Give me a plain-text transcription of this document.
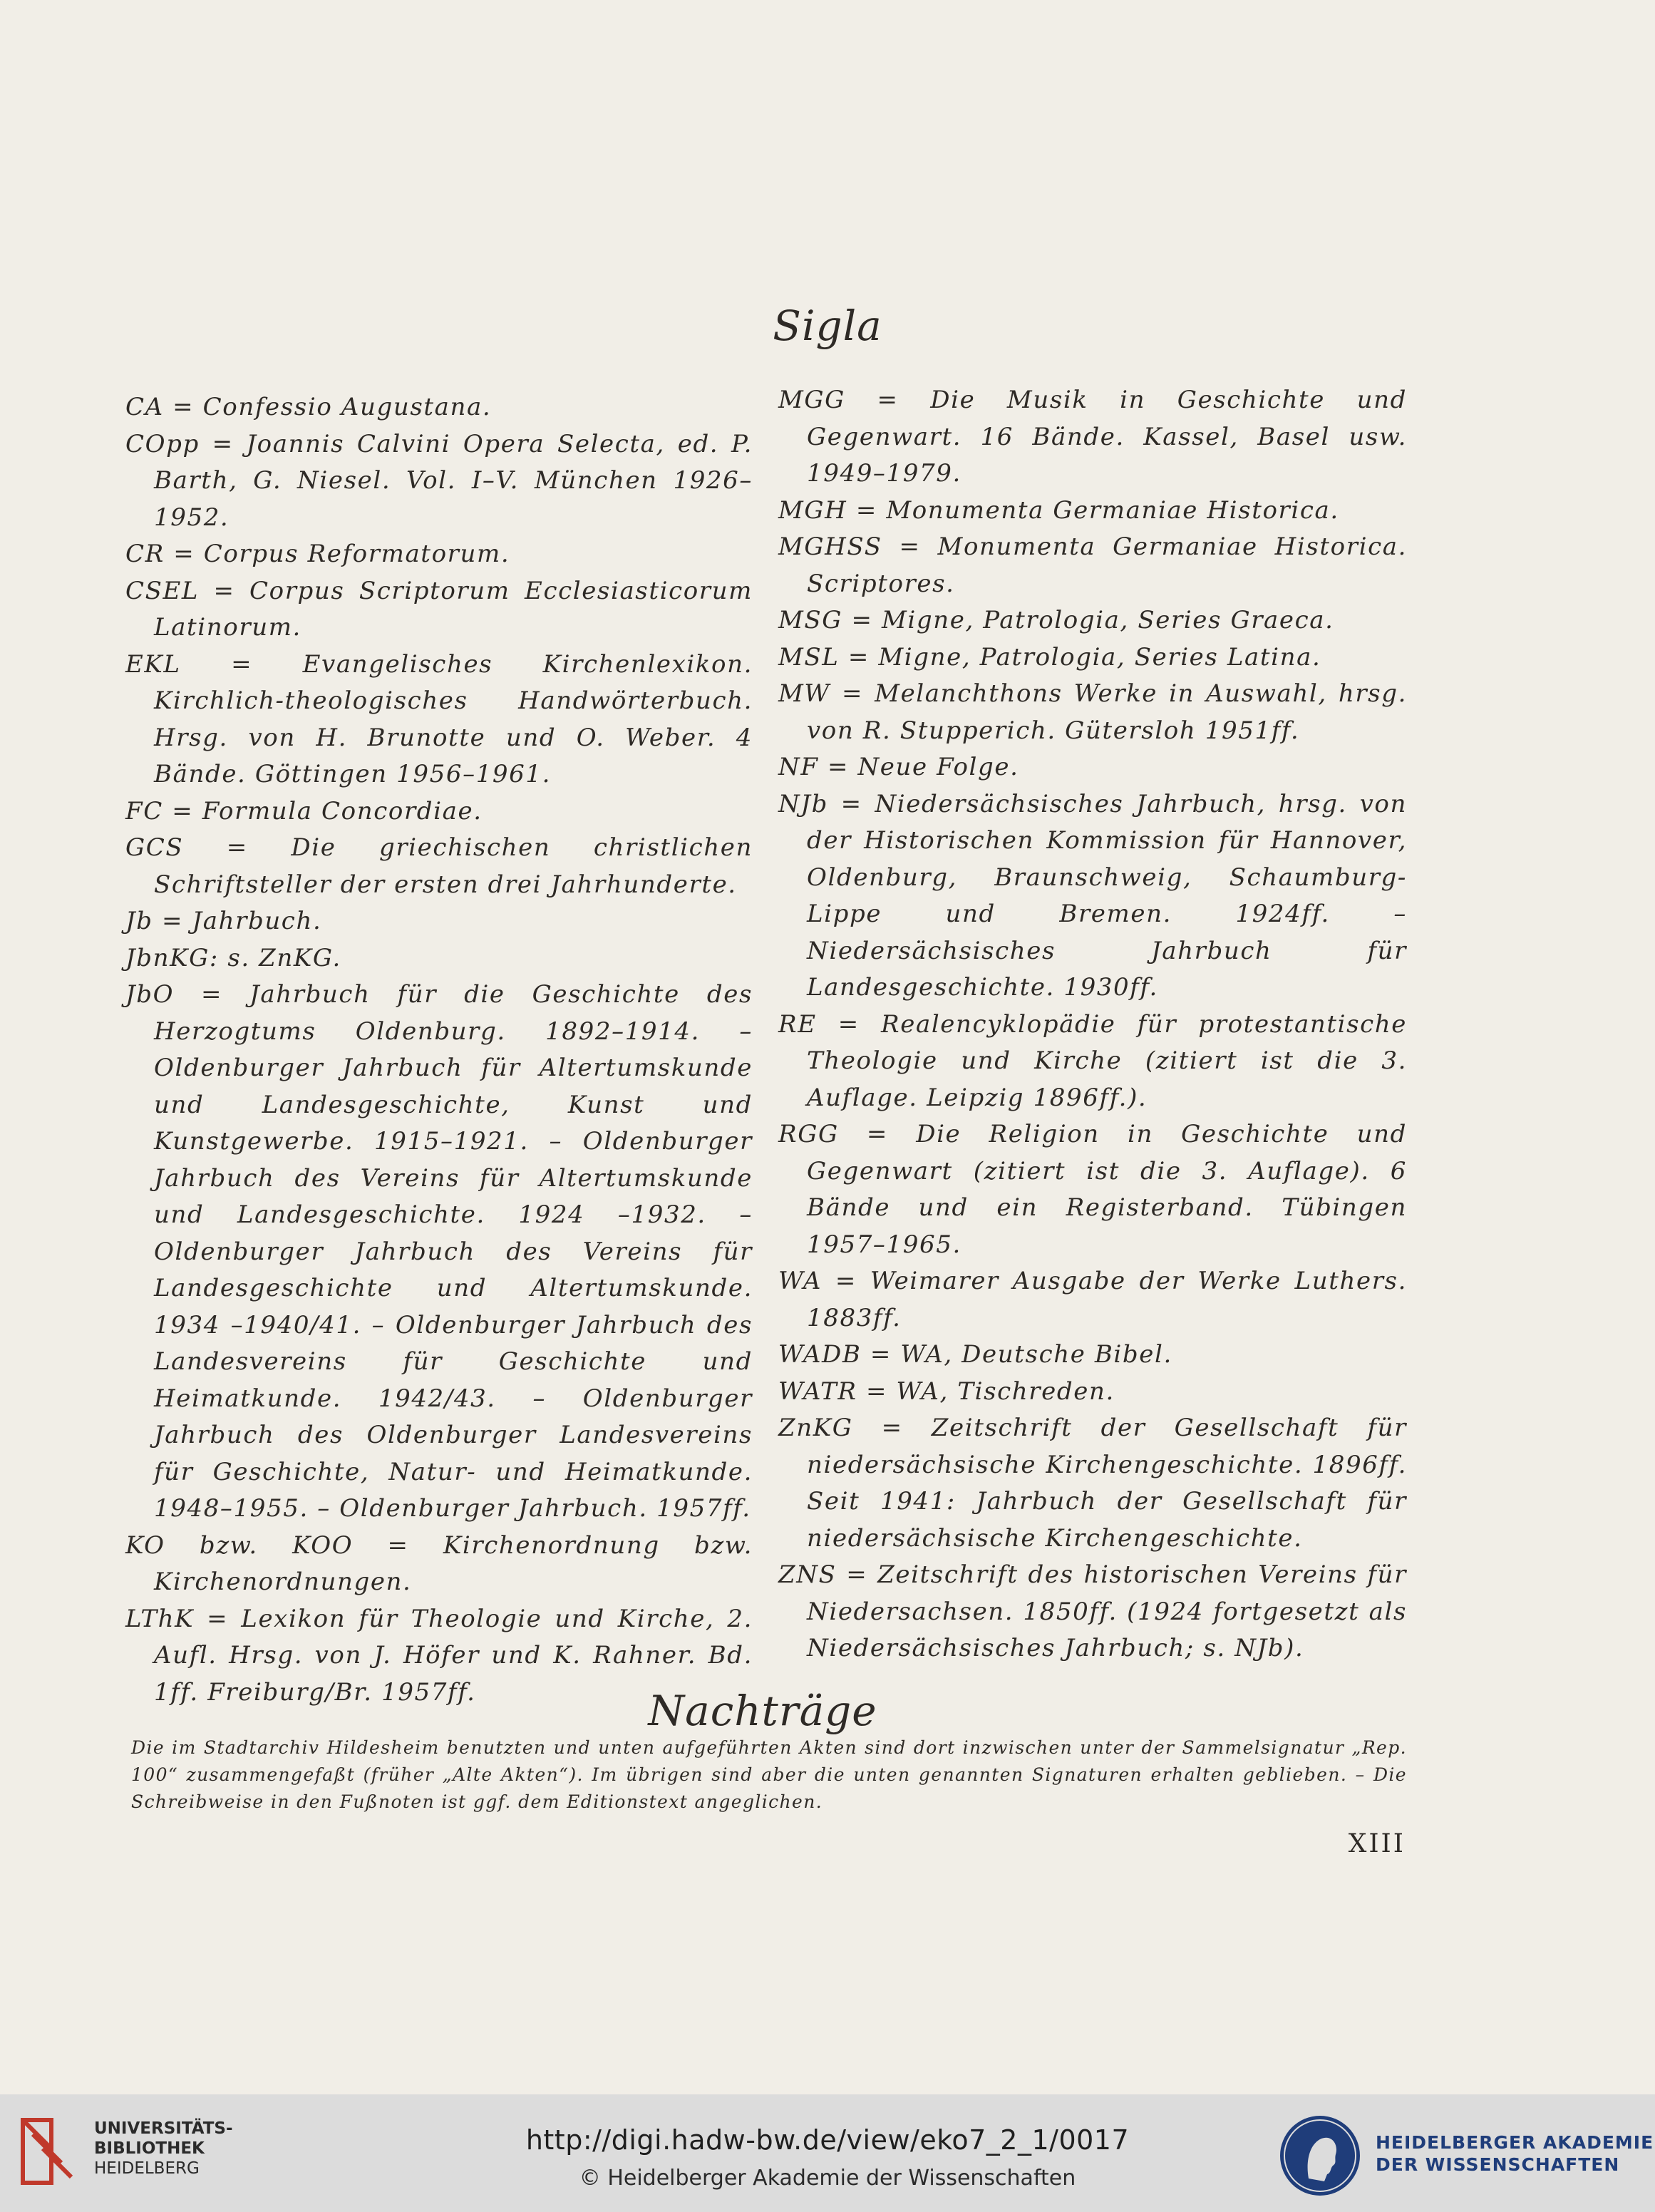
Sigla

CA = Confessio Augustana.

COpp = Joannis Calvini Opera Selecta, ed. P. Barth, G. Niesel. Vol. I–V. München 1926–1952.

CR = Corpus Reformatorum.

CSEL = Corpus Scriptorum Ecclesiasticorum Latinorum.

EKL = Evangelisches Kirchenlexikon. Kirchlich-theologisches Handwörterbuch. Hrsg. von H. Brunotte und O. Weber. 4 Bände. Göttingen 1956–1961.

FC = Formula Concordiae.

GCS = Die griechischen christlichen Schriftsteller der ersten drei Jahrhunderte.

Jb = Jahrbuch.

JbnKG: s. ZnKG.

JbO = Jahrbuch für die Geschichte des Herzogtums Oldenburg. 1892–1914. – Oldenburger Jahrbuch für Altertumskunde und Landesgeschichte, Kunst und Kunstgewerbe. 1915–1921. – Oldenburger Jahrbuch des Vereins für Altertumskunde und Landesgeschichte. 1924 –1932. – Oldenburger Jahrbuch des Vereins für Landesgeschichte und Altertumskunde. 1934 –1940/41. – Oldenburger Jahrbuch des Landesvereins für Geschichte und Heimatkunde. 1942/43. – Oldenburger Jahrbuch des Oldenburger Landesvereins für Geschichte, Natur- und Heimatkunde. 1948–1955. – Oldenburger Jahrbuch. 1957ff.

KO bzw. KOO = Kirchenordnung bzw. Kirchenordnungen.

LThK = Lexikon für Theologie und Kirche, 2. Aufl. Hrsg. von J. Höfer und K. Rahner. Bd. 1ff. Freiburg/Br. 1957ff.

MGG = Die Musik in Geschichte und Gegenwart. 16 Bände. Kassel, Basel usw. 1949–1979.

MGH = Monumenta Germaniae Historica.

MGHSS = Monumenta Germaniae Historica. Scriptores.

MSG = Migne, Patrologia, Series Graeca.

MSL = Migne, Patrologia, Series Latina.

MW = Melanchthons Werke in Auswahl, hrsg. von R. Stupperich. Gütersloh 1951ff.

NF = Neue Folge.

NJb = Niedersächsisches Jahrbuch, hrsg. von der Historischen Kommission für Hannover, Oldenburg, Braunschweig, Schaumburg-Lippe und Bremen. 1924ff. – Niedersächsisches Jahrbuch für Landesgeschichte. 1930ff.

RE = Realencyklopädie für protestantische Theologie und Kirche (zitiert ist die 3. Auflage. Leipzig 1896ff.).

RGG = Die Religion in Geschichte und Gegenwart (zitiert ist die 3. Auflage). 6 Bände und ein Registerband. Tübingen 1957–1965.

WA = Weimarer Ausgabe der Werke Luthers. 1883ff.

WADB = WA, Deutsche Bibel.

WATR = WA, Tischreden.

ZnKG = Zeitschrift der Gesellschaft für niedersächsische Kirchengeschichte. 1896ff. Seit 1941: Jahrbuch der Gesellschaft für niedersächsische Kirchengeschichte.

ZNS = Zeitschrift des historischen Vereins für Niedersachsen. 1850ff. (1924 fortgesetzt als Niedersächsisches Jahrbuch; s. NJb).

Nachträge

Die im Stadtarchiv Hildesheim benutzten und unten aufgeführten Akten sind dort inzwischen unter der Sammelsignatur „Rep. 100“ zusammengefaßt (früher „Alte Akten“). Im übrigen sind aber die unten genannten Signaturen erhalten geblieben. – Die Schreibweise in den Fußnoten ist ggf. dem Editionstext angeglichen.

XIII
UNIVERSITÄTS-
BIBLIOTHEK
HEIDELBERG
http://digi.hadw-bw.de/view/eko7_2_1/0017
© Heidelberger Akademie der Wissenschaften
HEIDELBERGER AKADEMIE
DER WISSENSCHAFTEN
